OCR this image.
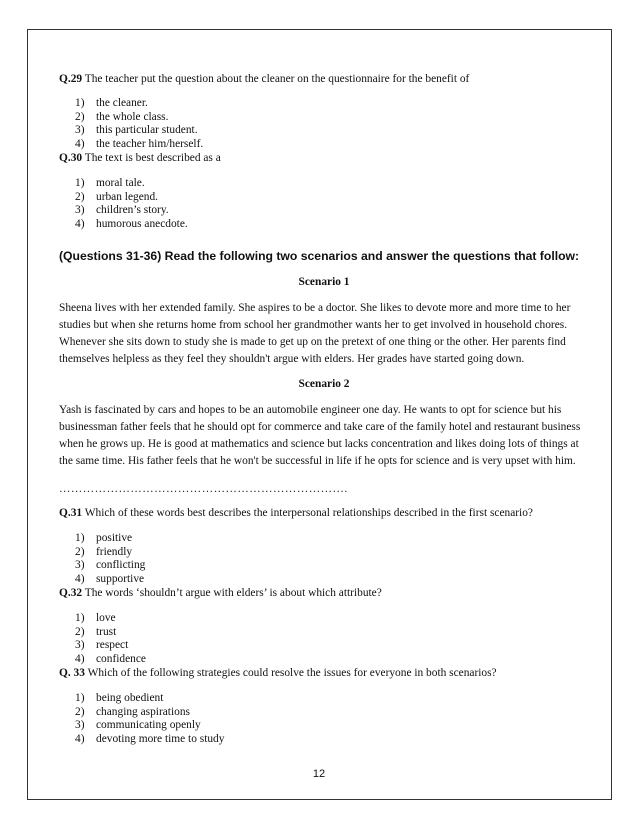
Q.29 The teacher put the question about the cleaner on the questionnaire for the benefit of

1) the cleaner.
2) the whole class.
3) this particular student.
4) the teacher him/herself.

Q.30 The text is best described as a

1) moral tale.
2) urban legend.
3) children’s story.
4) humorous anecdote.

(Questions 31-36) Read the following two scenarios and answer the questions that follow:

Scenario 1

Sheena lives with her extended family. She aspires to be a doctor. She likes to devote more and more time to her studies but when she returns home from school her grandmother wants her to get involved in household chores. Whenever she sits down to study she is made to get up on the pretext of one thing or the other. Her parents find themselves helpless as they feel they shouldn't argue with elders. Her grades have started going down.

Scenario 2

Yash is fascinated by cars and hopes to be an automobile engineer one day. He wants to opt for science but his businessman father feels that he should opt for commerce and take care of the family hotel and restaurant business when he grows up. He is good at mathematics and science but lacks concentration and likes doing lots of things at the same time. His father feels that he won't be successful in life if he opts for science and is very upset with him.

……………………………………………………………….

Q.31 Which of these words best describes the interpersonal relationships described in the first scenario?

1) positive
2) friendly
3) conflicting
4) supportive

Q.32 The words ‘shouldn’t argue with elders’ is about which attribute?

1) love
2) trust
3) respect
4) confidence

Q. 33 Which of the following strategies could resolve the issues for everyone in both scenarios?

1) being obedient
2) changing aspirations
3) communicating openly
4) devoting more time to study
12
